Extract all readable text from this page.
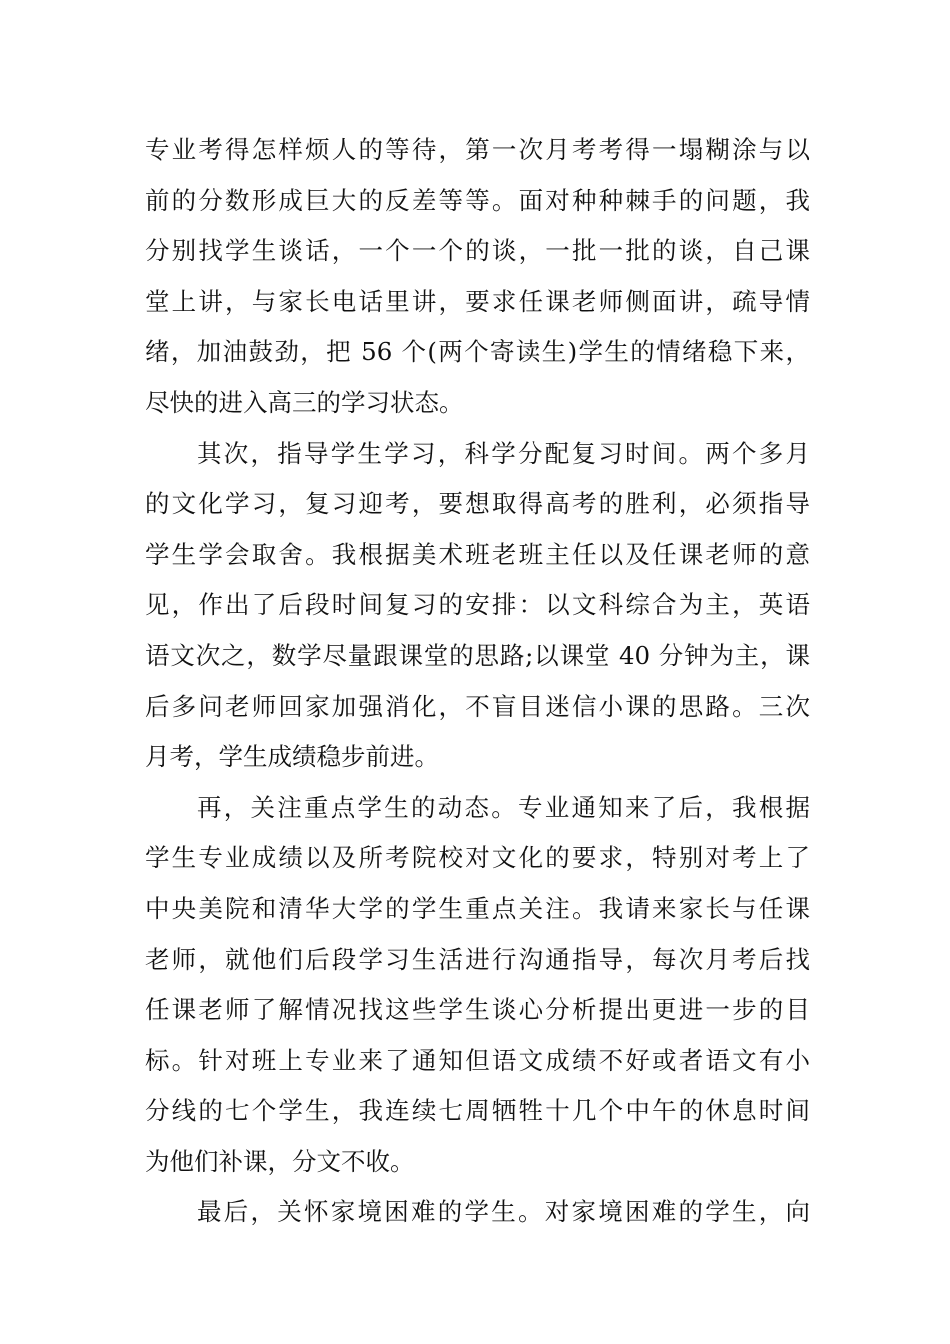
专业考得怎样烦人的等待，第一次月考考得一塌糊涂与以
前的分数形成巨大的反差等等。面对种种棘手的问题，我
分别找学生谈话，一个一个的谈，一批一批的谈，自己课
堂上讲，与家长电话里讲，要求任课老师侧面讲，疏导情
绪，加油鼓劲，把 56 个(两个寄读生)学生的情绪稳下来，
尽快的进入高三的学习状态。
其次，指导学生学习，科学分配复习时间。两个多月
的文化学习，复习迎考，要想取得高考的胜利，必须指导
学生学会取舍。我根据美术班老班主任以及任课老师的意
见，作出了后段时间复习的安排：以文科综合为主，英语
语文次之，数学尽量跟课堂的思路;以课堂 40 分钟为主，课
后多问老师回家加强消化，不盲目迷信小课的思路。三次
月考，学生成绩稳步前进。
再，关注重点学生的动态。专业通知来了后，我根据
学生专业成绩以及所考院校对文化的要求，特别对考上了
中央美院和清华大学的学生重点关注。我请来家长与任课
老师，就他们后段学习生活进行沟通指导，每次月考后找
任课老师了解情况找这些学生谈心分析提出更进一步的目
标。针对班上专业来了通知但语文成绩不好或者语文有小
分线的七个学生，我连续七周牺牲十几个中午的休息时间
为他们补课，分文不收。
最后，关怀家境困难的学生。对家境困难的学生，向
